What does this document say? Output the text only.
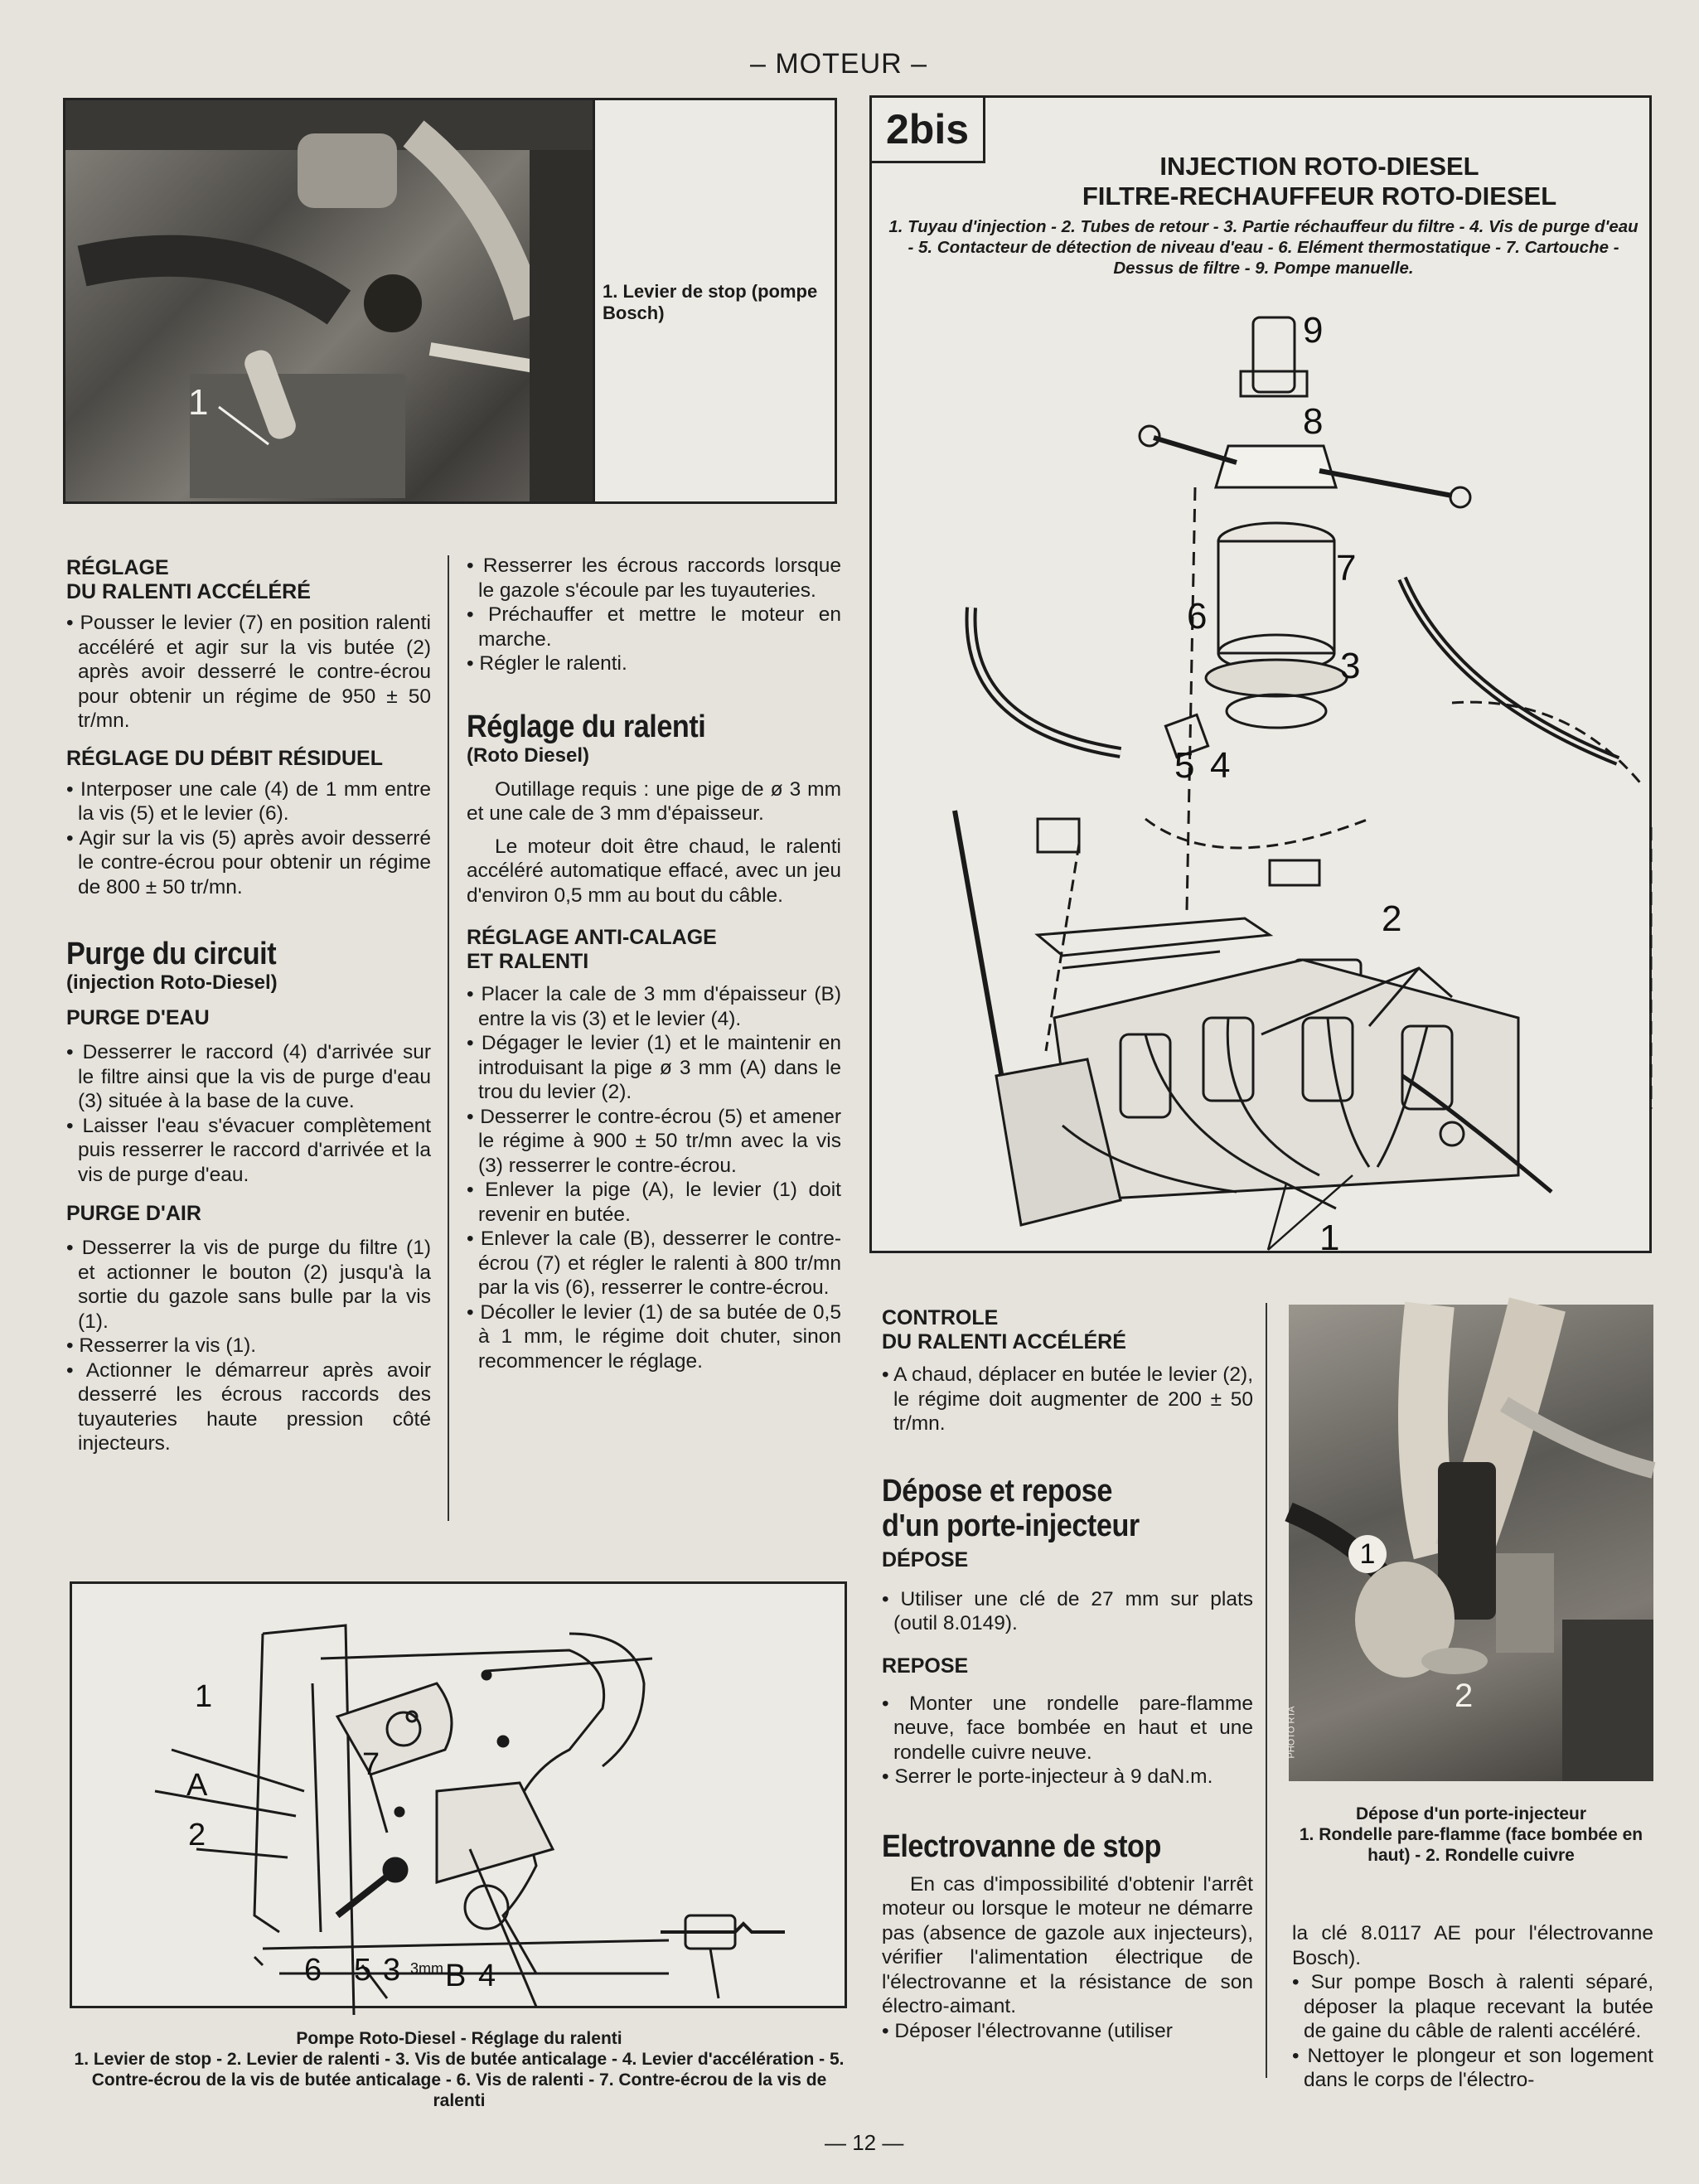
– MOTEUR –
1
1. Levier de stop (pompe Bosch)
2bis
INJECTION ROTO-DIESEL
FILTRE-RECHAUFFEUR ROTO-DIESEL
1. Tuyau d'injection - 2. Tubes de retour - 3. Partie réchauffeur du filtre - 4. Vis de purge d'eau - 5. Contacteur de détection de niveau d'eau - 6. Elément thermostatique - 7. Cartouche - Dessus de filtre - 9. Pompe manuelle.
9
8
7
6
3
5 4
2
1

RÉGLAGE

DU RALENTI ACCÉLÉRÉ

• Pousser le levier (7) en position ralenti accéléré et agir sur la vis butée (2) après avoir desserré le contre-écrou pour obtenir un régime de 950 ± 50 tr/mn.

RÉGLAGE DU DÉBIT RÉSIDUEL

• Interposer une cale (4) de 1 mm entre la vis (5) et le levier (6).

• Agir sur la vis (5) après avoir desserré le contre-écrou pour obtenir un régime de 800 ± 50 tr/mn.

Purge du circuit

(injection Roto-Diesel)

PURGE D'EAU

• Desserrer le raccord (4) d'arrivée sur le filtre ainsi que la vis de purge d'eau (3) située à la base de la cuve.

• Laisser l'eau s'évacuer complètement puis resserrer le raccord d'arrivée et la vis de purge d'eau.

PURGE D'AIR

• Desserrer la vis de purge du filtre (1) et actionner le bouton (2) jusqu'à la sortie du gazole sans bulle par la vis (1).

• Resserrer la vis (1).

• Actionner le démarreur après avoir desserré les écrous raccords des tuyauteries haute pression côté injecteurs.

• Resserrer les écrous raccords lorsque le gazole s'écoule par les tuyauteries.

• Préchauffer et mettre le moteur en marche.

• Régler le ralenti.

Réglage du ralenti

(Roto Diesel)

Outillage requis : une pige de ø 3 mm et une cale de 3 mm d'épaisseur.

Le moteur doit être chaud, le ralenti accéléré automatique effacé, avec un jeu d'environ 0,5 mm au bout du câble.

RÉGLAGE ANTI-CALAGE

ET RALENTI

• Placer la cale de 3 mm d'épaisseur (B) entre la vis (3) et le levier (4).

• Dégager le levier (1) et le maintenir en introduisant la pige ø 3 mm (A) dans le trou du levier (2).

• Desserrer le contre-écrou (5) et amener le régime à 900 ± 50 tr/mn avec la vis (3) resserrer le contre-écrou.

• Enlever la pige (A), le levier (1) doit revenir en butée.

• Enlever la cale (B), desserrer le contre-écrou (7) et régler le ralenti à 800 tr/mn par la vis (6), resserrer le contre-écrou.

• Décoller le levier (1) de sa butée de 0,5 à 1 mm, le régime doit chuter, sinon recommencer le réglage.

1
A
7
2
6 5 3 B 4
3mm
Pompe Roto-Diesel - Réglage du ralenti
1. Levier de stop - 2. Levier de ralenti - 3. Vis de butée anticalage - 4. Levier d'accélération - 5. Contre-écrou de la vis de butée anticalage - 6. Vis de ralenti - 7. Contre-écrou de la vis de ralenti

CONTROLE

DU RALENTI ACCÉLÉRÉ

• A chaud, déplacer en butée le levier (2), le régime doit augmenter de 200 ± 50 tr/mn.

Dépose et repose
d'un porte-injecteur

DÉPOSE

• Utiliser une clé de 27 mm sur plats (outil 8.0149).

REPOSE

• Monter une rondelle pare-flamme neuve, face bombée en haut et une rondelle cuivre neuve.

• Serrer le porte-injecteur à 9 daN.m.

Electrovanne de stop

En cas d'impossibilité d'obtenir l'arrêt moteur ou lorsque le moteur ne démarre pas (absence de gazole aux injecteurs), vérifier l'alimentation électrique de l'électrovanne et la résistance de son électro-aimant.

• Déposer l'électrovanne (utiliser

1
2
PHOTO RTA
Dépose d'un porte-injecteur
1. Rondelle pare-flamme (face bombée en haut) - 2. Rondelle cuivre

la clé 8.0117 AE pour l'électrovanne Bosch).

• Sur pompe Bosch à ralenti séparé, déposer la plaque recevant la butée de gaine du câble de ralenti accéléré.

• Nettoyer le plongeur et son logement dans le corps de l'électro-

— 12 —
